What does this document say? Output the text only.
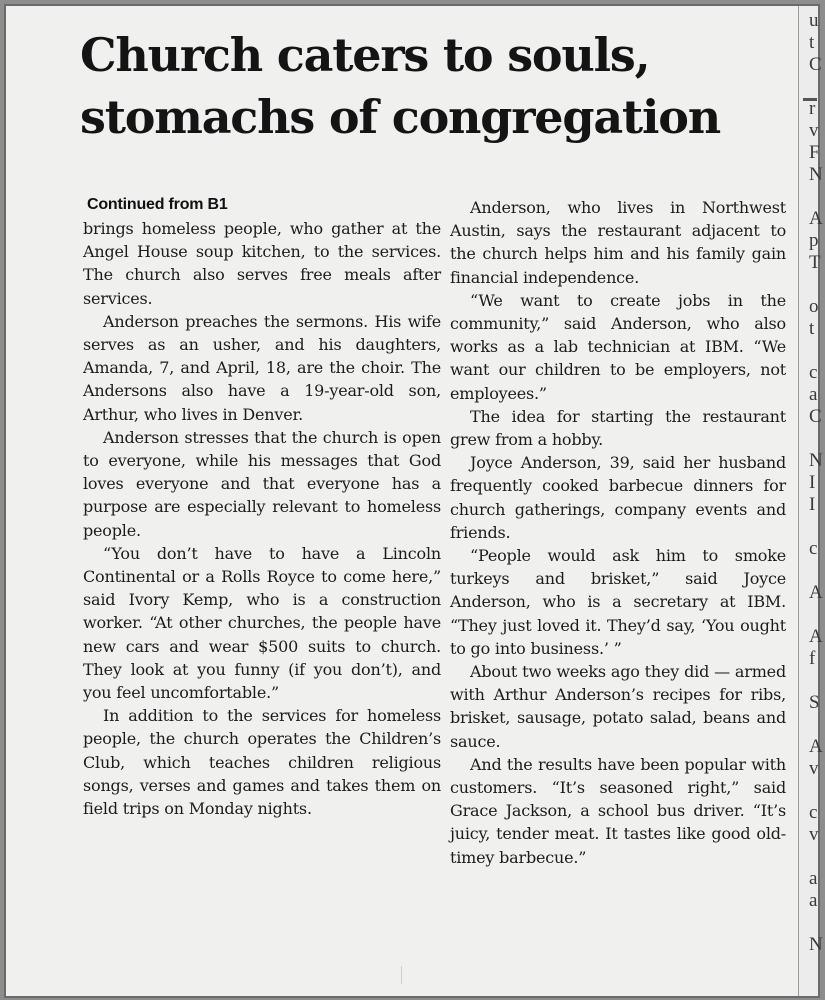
Church caters to souls,
stomachs of congregation
Continued from B1

brings homeless people, who gather at the Angel House soup kitchen, to the services. The church also serves free meals after services.

Anderson preaches the sermons. His wife serves as an usher, and his daughters, Amanda, 7, and April, 18, are the choir. The Andersons also have a 19-year-old son, Arthur, who lives in Denver.

Anderson stresses that the church is open to everyone, while his messages that God loves everyone and that everyone has a purpose are especially relevant to homeless people.

“You don’t have to have a Lincoln Continental or a Rolls Royce to come here,” said Ivory Kemp, who is a construction worker. “At other churches, the people have new cars and wear $500 suits to church. They look at you funny (if you don’t), and you feel uncomfortable.”

In addition to the services for homeless people, the church operates the Children’s Club, which teaches children religious songs, verses and games and takes them on field trips on Monday nights.

Anderson, who lives in Northwest Austin, says the restaurant adjacent to the church helps him and his family gain financial independence.

“We want to create jobs in the community,” said Anderson, who also works as a lab technician at IBM. “We want our children to be employers, not employees.”

The idea for starting the restaurant grew from a hobby.

Joyce Anderson, 39, said her husband frequently cooked barbecue dinners for church gatherings, company events and friends.

“People would ask him to smoke turkeys and brisket,” said Joyce Anderson, who is a secretary at IBM. “They just loved it. They’d say, ‘You ought to go into business.’ ”

About two weeks ago they did — armed with Arthur Anderson’s recipes for ribs, brisket, sausage, potato salad, beans and sauce.

And the results have been popular with customers. “It’s seasoned right,” said Grace Jackson, a school bus driver. “It’s juicy, tender meat. It tastes like good old-timey barbecue.”

u
t
C

r
v
F
N

A
p
T

o
t

c
a
C

N
I
I

c

A

A
f

S

A
v

c
v

a
a

N
